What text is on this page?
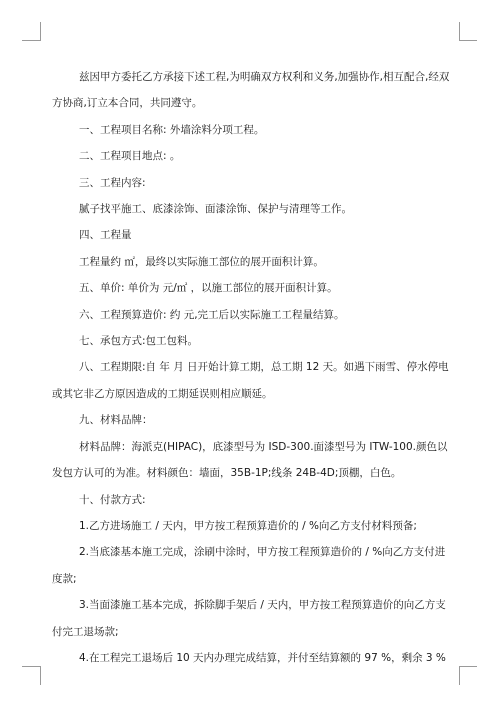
兹因甲方委托乙方承接下述工程,为明确双方权利和义务,加强协作,相互配合,经双方协商,订立本合同，共同遵守。

一、工程项目名称: 外墙涂料分项工程。

二、工程项目地点: 。

三、工程内容:

腻子找平施工、底漆涂饰、面漆涂饰、保护与清理等工作。

四、工程量

工程量约 ㎡，最终以实际施工部位的展开面积计算。

五、单价: 单价为 元/㎡ ，以施工部位的展开面积计算。

六、工程预算造价: 约 元,完工后以实际施工工程量结算。

七、承包方式:包工包料。

八、工程期限:自 年 月 日开始计算工期，总工期 12 天。如遇下雨雪、停水停电或其它非乙方原因造成的工期延误则相应顺延。

九、材料品牌：

材料品牌：海派克(HIPAC)，底漆型号为 ISD-300.面漆型号为 ITW-100.颜色以发包方认可的为准。材料颜色：墙面，35B-1P;线条 24B-4D;顶棚，白色。

十、付款方式:

1.乙方进场施工 / 天内，甲方按工程预算造价的 / %向乙方支付材料预备;

2.当底漆基本施工完成，涂刷中涂时，甲方按工程预算造价的 / %向乙方支付进度款;

3.当面漆施工基本完成，拆除脚手架后 / 天内，甲方按工程预算造价的向乙方支付完工退场款;

4.在工程完工退场后 10 天内办理完成结算，并付至结算额的 97 %，剩余 3 %
